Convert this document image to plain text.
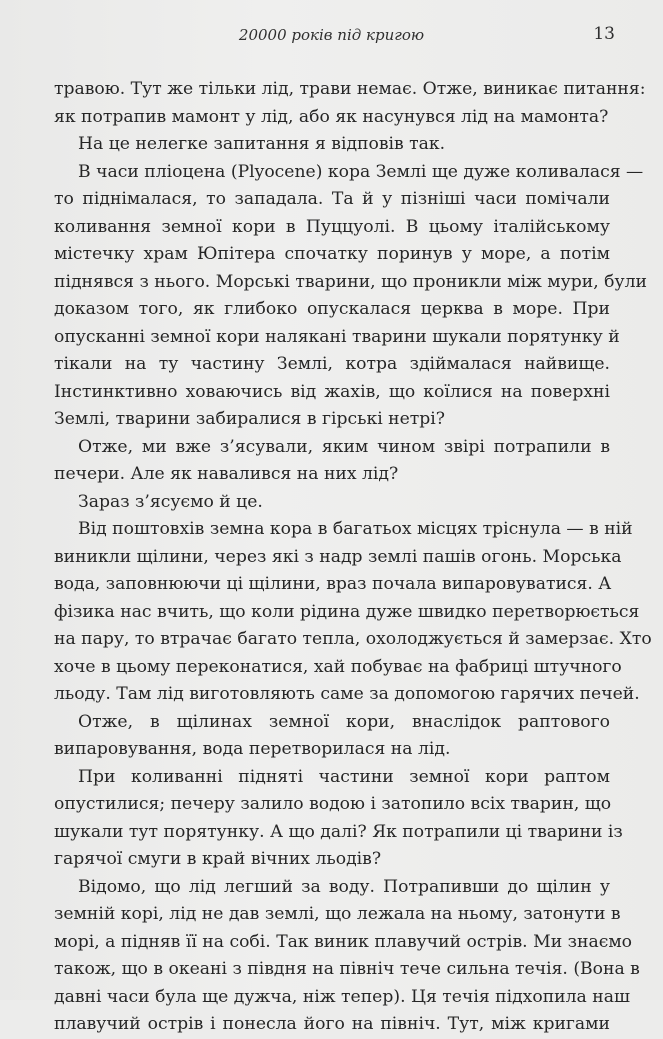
20000 років під кригою	13
травою. Тут же тільки лід, трави немає. Отже, виникає питання:
як потрапив мамонт у лід, або як насунувся лід на мамонта?
На це нелегке запитання я відповів так.
В часи пліоцена (Plyocene) кора Землі ще дуже коливалася —
то піднімалася, то западала. Та й у пізніші часи помічали
коливання земної кори в Пуццуолі. В цьому італійському
містечку храм Юпітера спочатку поринув у море, а потім
піднявся з нього. Морські тварини, що проникли між мури, були
доказом того, як глибоко опускалася церква в море. При
опусканні земної кори налякані тварини шукали порятунку й
тікали на ту частину Землі, котра здіймалася найвище.
Інстинктивно ховаючись від жахів, що коїлися на поверхні
Землі, тварини забиралися в гірські нетрі?
Отже, ми вже з’ясували, яким чином звірі потрапили в
печери. Але як навалився на них лід?
Зараз з’ясуємо й це.
Від поштовхів земна кора в багатьох місцях тріснула — в ній
виникли щілини, через які з надр землі пашів огонь. Морська
вода, заповнюючи ці щілини, враз почала випаровуватися. А
фізика нас вчить, що коли рідина дуже швидко перетворюється
на пару, то втрачає багато тепла, охолоджується й замерзає. Хто
хоче в цьому переконатися, хай побуває на фабриці штучного
льоду. Там лід виготовляють саме за допомогою гарячих печей.
Отже, в щілинах земної кори, внаслідок раптового
випаровування, вода перетворилася на лід.
При коливанні підняті частини земної кори раптом
опустилися; печеру залило водою і затопило всіх тварин, що
шукали тут порятунку. А що далі? Як потрапили ці тварини із
гарячої смуги в край вічних льодів?
Відомо, що лід легший за воду. Потрапивши до щілин у
земній корі, лід не дав землі, що лежала на ньому, затонути в
морі, а підняв її на собі. Так виник плавучий острів. Ми знаємо
також, що в океані з півдня на північ тече сильна течія. (Вона в
давні часи була ще дужча, ніж тепер). Ця течія підхопила наш
плавучий острів і понесла його на північ. Тут, між кригами
